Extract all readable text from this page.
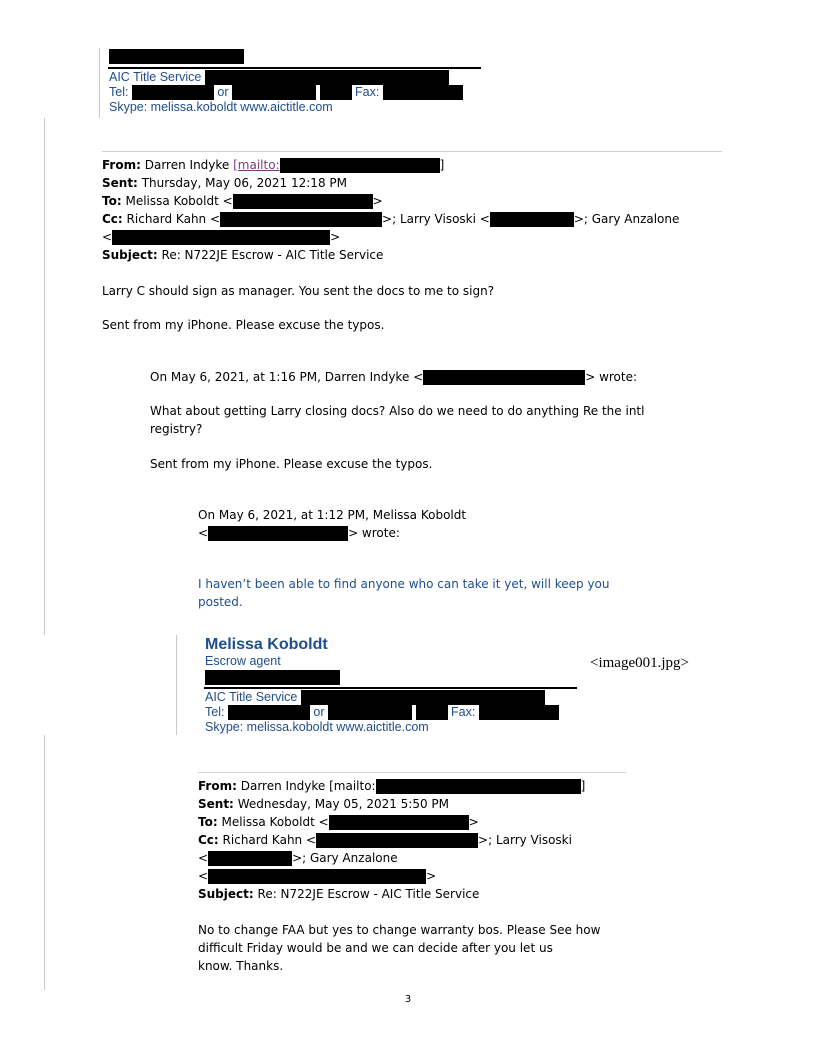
AIC Title Service
Tel:	or	Fax:
Skype: melissa.koboldt www.aictitle.com
From: Darren Indyke [mailto:	]
Sent: Thursday, May 06, 2021 12:18 PM
To: Melissa Koboldt <	>
Cc: Richard Kahn <	>; Larry Visoski <	>; Gary Anzalone
<	>
Subject: Re: N722JE Escrow - AIC Title Service
Larry C should sign as manager. You sent the docs to me to sign?
Sent from my iPhone. Please excuse the typos.
On May 6, 2021, at 1:16 PM, Darren Indyke <	> wrote:
What about getting Larry closing docs? Also do we need to do anything Re the intl
registry?
Sent from my iPhone. Please excuse the typos.
On May 6, 2021, at 1:12 PM, Melissa Koboldt
<	> wrote:
I haven’t been able to find anyone who can take it yet, will keep you
posted.
Melissa Koboldt
Escrow agent	<image001.jpg>
AIC Title Service
Tel:	or	Fax:
Skype: melissa.koboldt www.aictitle.com
From: Darren Indyke [mailto:	]
Sent: Wednesday, May 05, 2021 5:50 PM
To: Melissa Koboldt <	>
Cc: Richard Kahn <	>; Larry Visoski
<	>; Gary Anzalone
<	>
Subject: Re: N722JE Escrow - AIC Title Service
No to change FAA but yes to change warranty bos. Please See how
difficult Friday would be and we can decide after you let us
know. Thanks.
3
